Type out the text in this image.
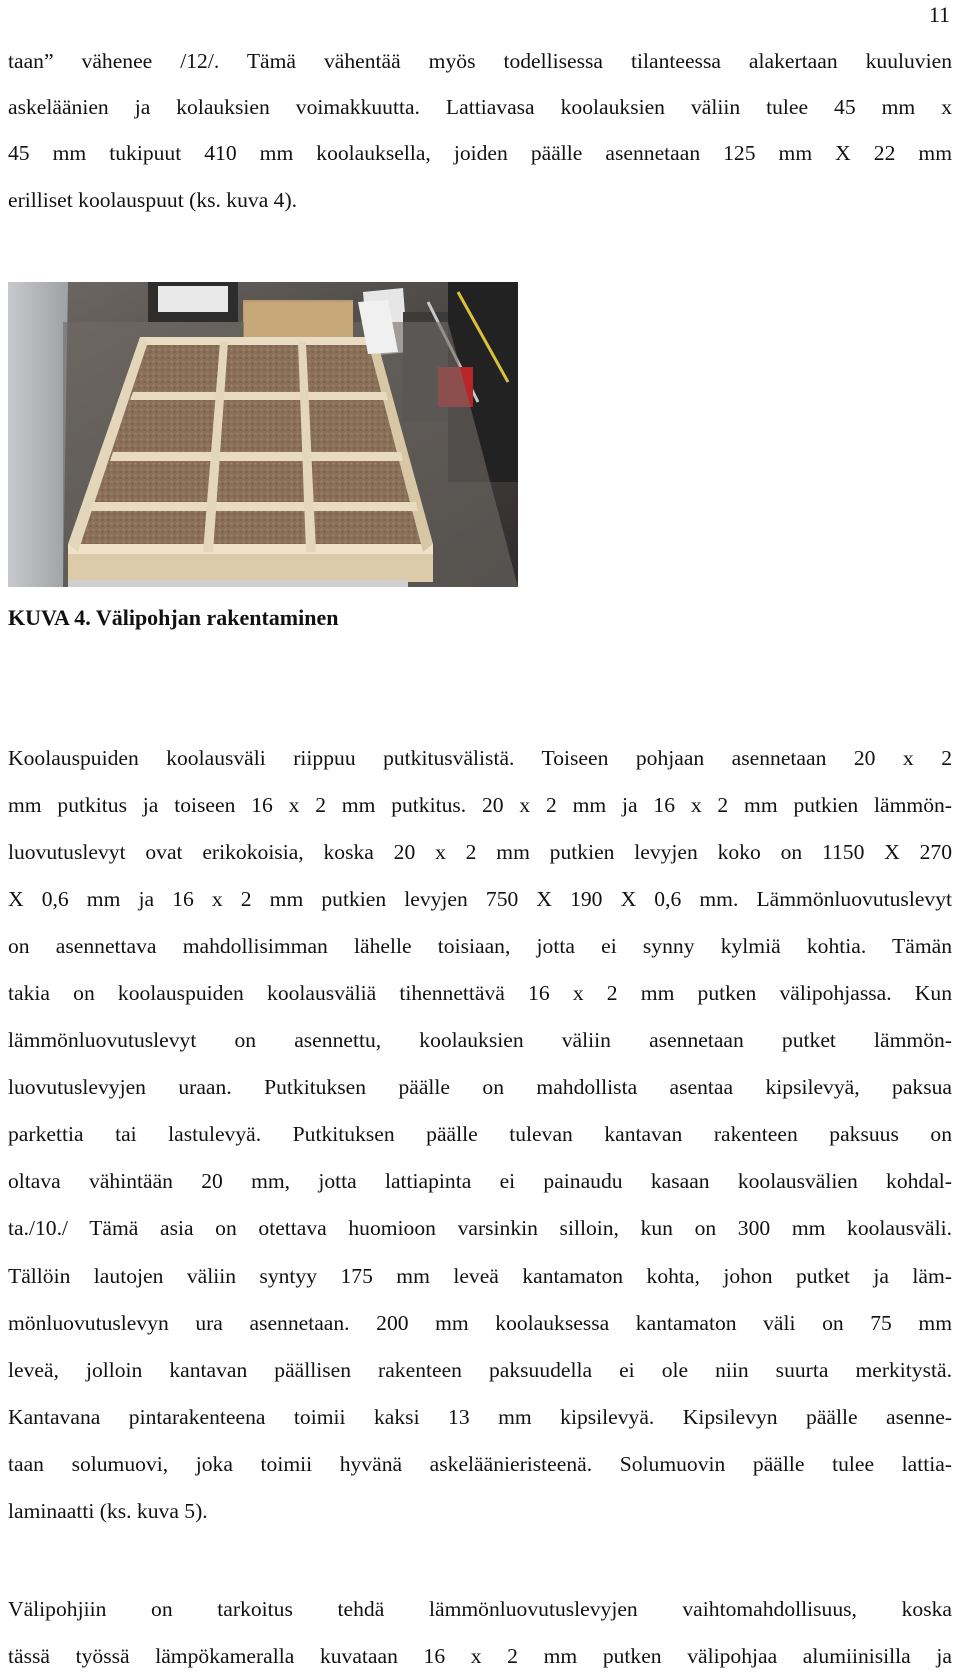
11

taan” vähenee /12/. Tämä vähentää myös todellisessa tilanteessa alakertaan kuuluvien
askeläänien ja kolauksien voimakkuutta. Lattiavasa koolauksien väliin tulee 45 mm x
45 mm tukipuut 410 mm koolauksella, joiden päälle asennetaan 125 mm X 22 mm
erilliset koolauspuut (ks. kuva 4).

KUVA 4. Välipohjan rakentaminen

Koolauspuiden koolausväli riippuu putkitusvälistä. Toiseen pohjaan asennetaan 20 x 2
mm putkitus ja toiseen 16 x 2 mm putkitus. 20 x 2 mm ja 16 x 2 mm putkien lämmön-
luovutuslevyt ovat erikokoisia, koska 20 x 2 mm putkien levyjen koko on 1150 X 270
X 0,6 mm ja 16 x 2 mm putkien levyjen 750 X 190 X 0,6 mm. Lämmönluovutuslevyt
on asennettava mahdollisimman lähelle toisiaan, jotta ei synny kylmiä kohtia. Tämän
takia on koolauspuiden koolausväliä tihennettävä 16 x 2 mm putken välipohjassa. Kun
lämmönluovutuslevyt on asennettu, koolauksien väliin asennetaan putket lämmön-
luovutuslevyjen uraan. Putkituksen päälle on mahdollista asentaa kipsilevyä, paksua
parkettia tai lastulevyä. Putkituksen päälle tulevan kantavan rakenteen paksuus on
oltava vähintään 20 mm, jotta lattiapinta ei painaudu kasaan koolausvälien kohdal-
ta./10./ Tämä asia on otettava huomioon varsinkin silloin, kun on 300 mm koolausväli.
Tällöin lautojen väliin syntyy 175 mm leveä kantamaton kohta, johon putket ja läm-
mönluovutuslevyn ura asennetaan. 200 mm koolauksessa kantamaton väli on 75 mm
leveä, jolloin kantavan päällisen rakenteen paksuudella ei ole niin suurta merkitystä.
Kantavana pintarakenteena toimii kaksi 13 mm kipsilevyä. Kipsilevyn päälle asenne-
taan solumuovi, joka toimii hyvänä askeläänieristeenä. Solumuovin päälle tulee lattia-
laminaatti (ks. kuva 5).

Välipohjiin on tarkoitus tehdä lämmönluovutuslevyjen vaihtomahdollisuus, koska
tässä työssä lämpökameralla kuvataan 16 x 2 mm putken välipohjaa alumiinisilla ja
